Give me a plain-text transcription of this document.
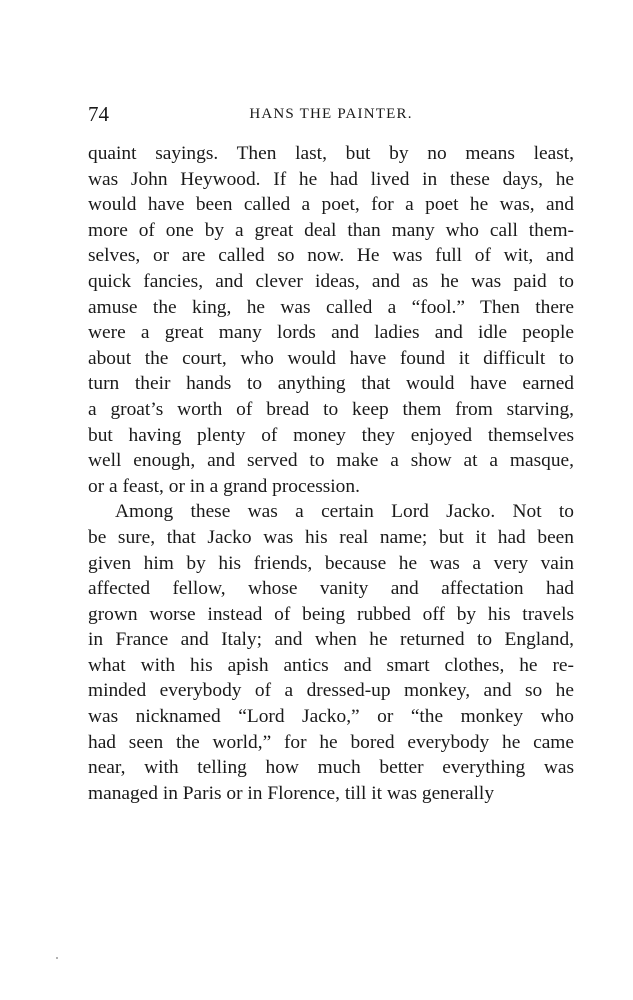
74	HANS THE PAINTER.
quaint sayings. Then last, but by no means least,
was John Heywood. If he had lived in these days, he
would have been called a poet, for a poet he was, and
more of one by a great deal than many who call them-
selves, or are called so now. He was full of wit, and
quick fancies, and clever ideas, and as he was paid to
amuse the king, he was called a “fool.” Then there
were a great many lords and ladies and idle people
about the court, who would have found it difficult to
turn their hands to anything that would have earned
a groat’s worth of bread to keep them from starving,
but having plenty of money they enjoyed themselves
well enough, and served to make a show at a masque,
or a feast, or in a grand procession.
Among these was a certain Lord Jacko. Not to
be sure, that Jacko was his real name; but it had been
given him by his friends, because he was a very vain
affected fellow, whose vanity and affectation had
grown worse instead of being rubbed off by his travels
in France and Italy; and when he returned to England,
what with his apish antics and smart clothes, he re-
minded everybody of a dressed-up monkey, and so he
was nicknamed “Lord Jacko,” or “the monkey who
had seen the world,” for he bored everybody he came
near, with telling how much better everything was
managed in Paris or in Florence, till it was generally
